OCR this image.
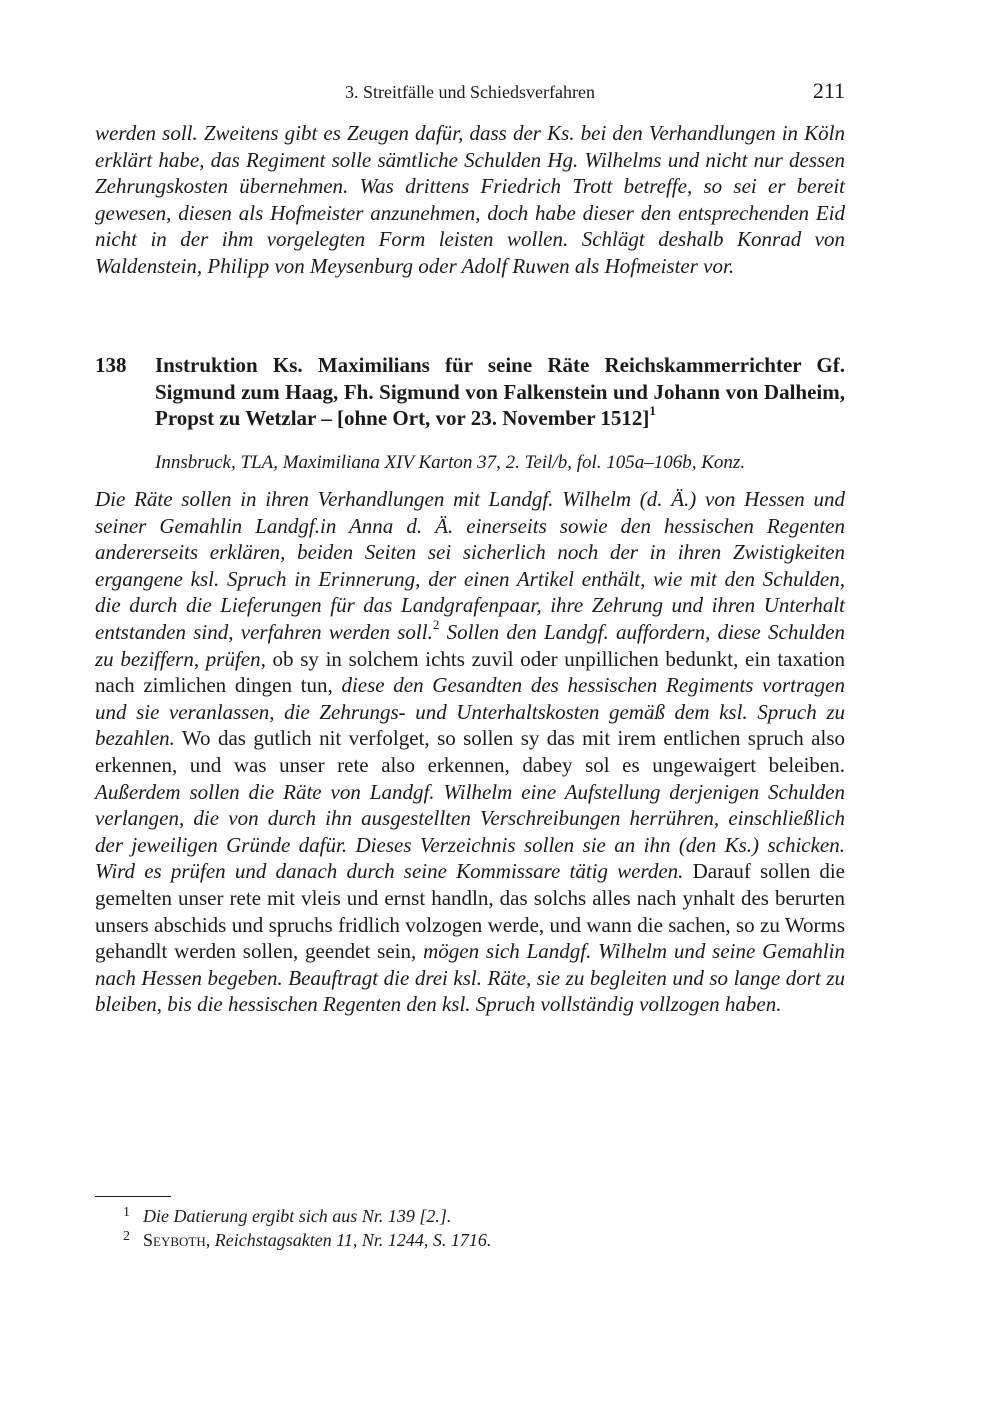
3. Streitfälle und Schiedsverfahren	211

werden soll. Zweitens gibt es Zeugen dafür, dass der Ks. bei den Verhandlungen in Köln erklärt habe, das Regiment solle sämtliche Schulden Hg. Wilhelms und nicht nur dessen Zehrungskosten übernehmen. Was drittens Friedrich Trott betreffe, so sei er bereit gewesen, diesen als Hofmeister anzunehmen, doch habe dieser den entsprechenden Eid nicht in der ihm vorgelegten Form leisten wollen. Schlägt deshalb Konrad von Waldenstein, Philipp von Meysenburg oder Adolf Ruwen als Hofmeister vor.

138 Instruktion Ks. Maximilians für seine Räte Reichskammerrichter Gf. Sigmund zum Haag, Fh. Sigmund von Falkenstein und Johann von Dalheim, Propst zu Wetzlar – [ohne Ort, vor 23. November 1512]$^1$
Innsbruck, TLA, Maximiliana XIV Karton 37, 2. Teil/b, fol. 105a–106b, Konz.

Die Räte sollen in ihren Verhandlungen mit Landgf. Wilhelm (d. Ä.) von Hessen und seiner Gemahlin Landgf.in Anna d. Ä. einerseits sowie den hessischen Regenten andererseits erklären, beiden Seiten sei sicherlich noch der in ihren Zwistigkeiten ergangene ksl. Spruch in Erinnerung, der einen Artikel enthält, wie mit den Schulden, die durch die Lieferungen für das Landgrafenpaar, ihre Zehrung und ihren Unterhalt entstanden sind, verfahren werden soll.$^2$ Sollen den Landgf. auffordern, diese Schulden zu beziffern, prüfen, ob sy in solchem ichts zuvil oder unpillichen bedunkt, ein taxation nach zimlichen dingen tun, diese den Gesandten des hessischen Regiments vortragen und sie veranlassen, die Zehrungs- und Unterhaltskosten gemäß dem ksl. Spruch zu bezahlen. Wo das gutlich nit verfolget, so sollen sy das mit irem entlichen spruch also erkennen, und was unser rete also erkennen, dabey sol es ungewaigert beleiben. Außerdem sollen die Räte von Landgf. Wilhelm eine Aufstellung derjenigen Schulden verlangen, die von durch ihn ausgestellten Verschreibungen herrühren, einschließlich der jeweiligen Gründe dafür. Dieses Verzeichnis sollen sie an ihn (den Ks.) schicken. Wird es prüfen und danach durch seine Kommissare tätig werden. Darauf sollen die gemelten unser rete mit vleis und ernst handln, das solchs alles nach ynhalt des berurten unsers abschids und spruchs fridlich volzogen werde, und wann die sachen, so zu Worms gehandlt werden sollen, geendet sein, mögen sich Landgf. Wilhelm und seine Gemahlin nach Hessen begeben. Beauftragt die drei ksl. Räte, sie zu begleiten und so lange dort zu bleiben, bis die hessischen Regenten den ksl. Spruch vollständig vollzogen haben.

1 Die Datierung ergibt sich aus Nr. 139 [2.].
2 Seyboth, Reichstagsakten 11, Nr. 1244, S. 1716.
